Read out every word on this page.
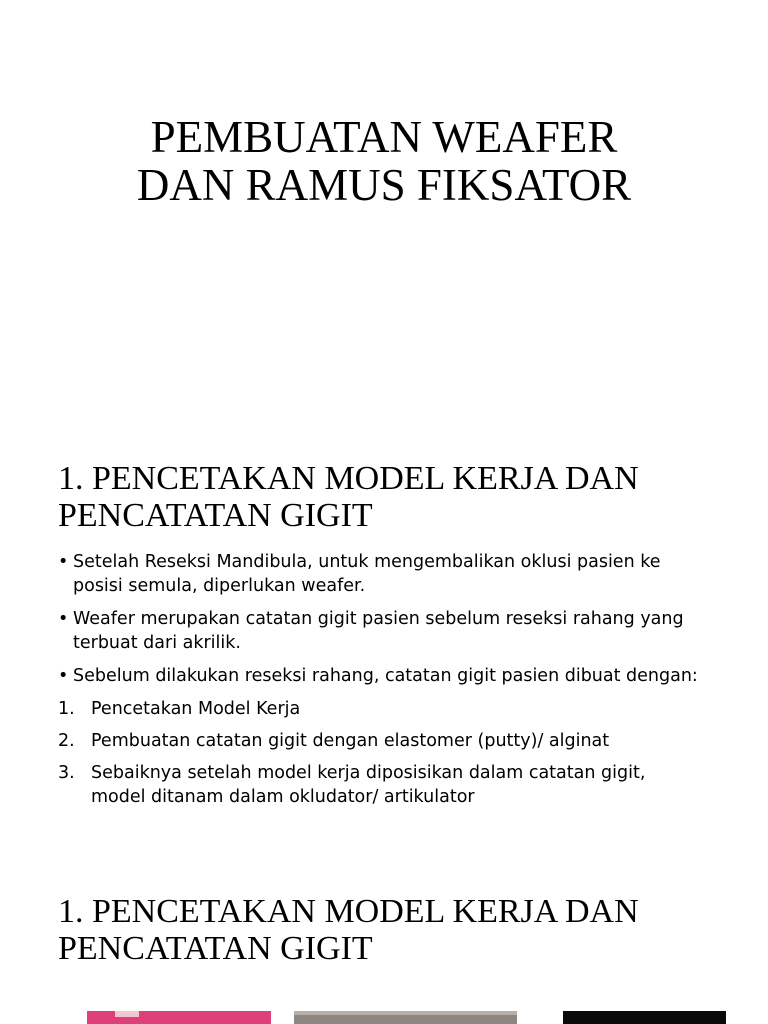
PEMBUATAN WEAFER
DAN RAMUS FIKSATOR
1. PENCETAKAN MODEL KERJA DAN
PENCATATAN GIGIT
• Setelah Reseksi Mandibula, untuk mengembalikan oklusi pasien ke
posisi semula, diperlukan weafer.
• Weafer merupakan catatan gigit pasien sebelum reseksi rahang yang
terbuat dari akrilik.
• Sebelum dilakukan reseksi rahang, catatan gigit pasien dibuat dengan:
1. Pencetakan Model Kerja
2. Pembuatan catatan gigit dengan elastomer (putty)/ alginat
3. Sebaiknya setelah model kerja diposisikan dalam catatan gigit,
model ditanam dalam okludator/ artikulator
1. PENCETAKAN MODEL KERJA DAN
PENCATATAN GIGIT
